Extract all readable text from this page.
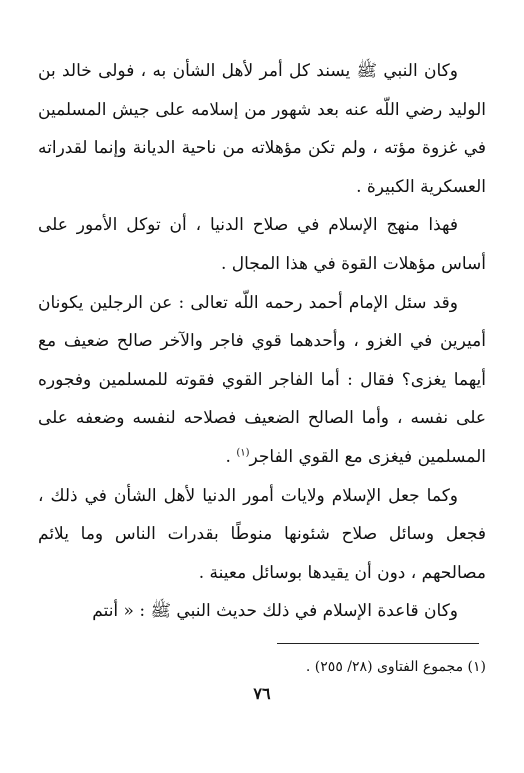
وكان النبي ﷺ يسند كل أمر لأهل الشأن به ، فولى خالد بن الوليد رضي اللّه عنه بعد شهور من إسلامه على جيش المسلمين في غزوة مؤته ، ولم تكن مؤهلاته من ناحية الديانة وإنما لقدراته العسكرية الكبيرة .

فهذا منهج الإسلام في صلاح الدنيا ، أن توكل الأمور على أساس مؤهلات القوة في هذا المجال .

وقد سئل الإمام أحمد رحمه اللّه تعالى : عن الرجلين يكونان أميرين في الغزو ، وأحدهما قوي فاجر والآخر صالح ضعيف مع أيهما يغزى؟ فقال : أما الفاجر القوي فقوته للمسلمين وفجوره على نفسه ، وأما الصالح الضعيف فصلاحه لنفسه وضعفه على المسلمين فيغزى مع القوي الفاجر$^{(١)}$ .

وكما جعل الإسلام ولايات أمور الدنيا لأهل الشأن في ذلك ، فجعل وسائل صلاح شئونها منوطًا بقدرات الناس وما يلائم مصالحهم ، دون أن يقيدها بوسائل معينة .

وكان قاعدة الإسلام في ذلك حديث النبي ﷺ : « أنتم

(١) مجموع الفتاوى (٢٨/ ٢٥٥) .
٧٦
